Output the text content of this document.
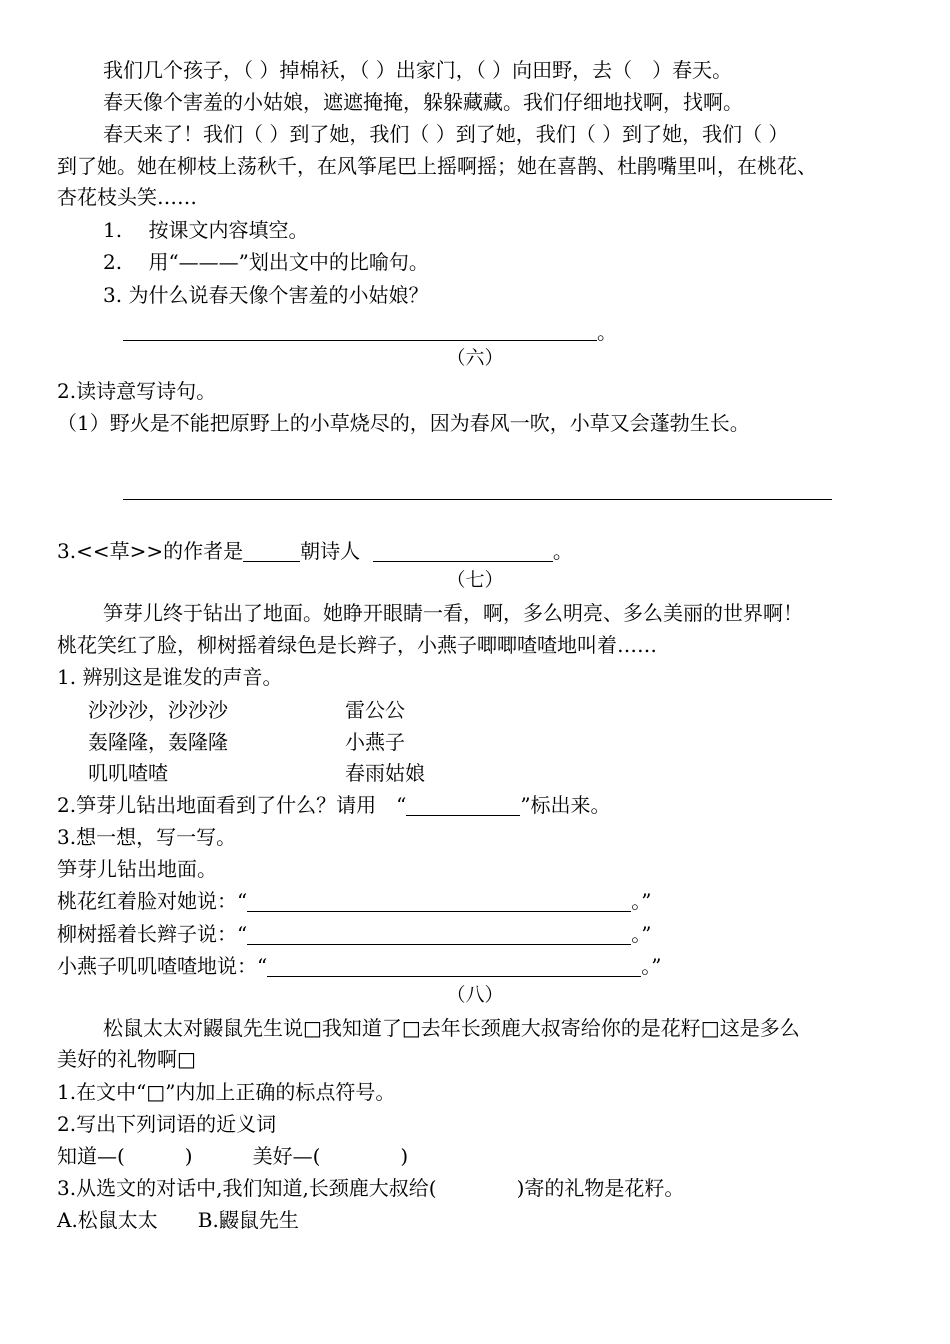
我们几个孩子，（ ）掉棉袄，（ ）出家门，（ ）向田野，去（　）春天。
春天像个害羞的小姑娘，遮遮掩掩，躲躲藏藏。我们仔细地找啊，找啊。
春天来了！我们（ ）到了她，我们（ ）到了她，我们（ ）到了她，我们（ ）
到了她。她在柳枝上荡秋千，在风筝尾巴上摇啊摇；她在喜鹊、杜鹃嘴里叫，在桃花、
杏花枝头笑……
1.　 按课文内容填空。
2.　 用“———”划出文中的比喻句。
3. 为什么说春天像个害羞的小姑娘？
。
（六）
2.读诗意写诗句。
（1）野火是不能把原野上的小草烧尽的，因为春风一吹，小草又会蓬勃生长。
3.<<草>>的作者是	朝诗人	。
（七）
笋芽儿终于钻出了地面。她睁开眼睛一看，啊，多么明亮、多么美丽的世界啊！
桃花笑红了脸，柳树摇着绿色是长辫子，小燕子唧唧喳喳地叫着……
1. 辨别这是谁发的声音。
沙沙沙，沙沙沙	雷公公
轰隆隆，轰隆隆	小燕子
叽叽喳喳	春雨姑娘
2.笋芽儿钻出地面看到了什么？请用　“	”标出来。
3.想一想，写一写。
笋芽儿钻出地面。
桃花红着脸对她说：“	。”
柳树摇着长辫子说：“	。”
小燕子叽叽喳喳地说：“	。”
（八）
松鼠太太对鼹鼠先生说□我知道了□去年长颈鹿大叔寄给你的是花籽□这是多么
美好的礼物啊□
1.在文中“□”内加上正确的标点符号。
2.写出下列词语的近义词
知道—(　　　)　　　美好—(　　　　)
3.从选文的对话中,我们知道,长颈鹿大叔给(　　　　)寄的礼物是花籽。
A.松鼠太太　　B.鼹鼠先生
